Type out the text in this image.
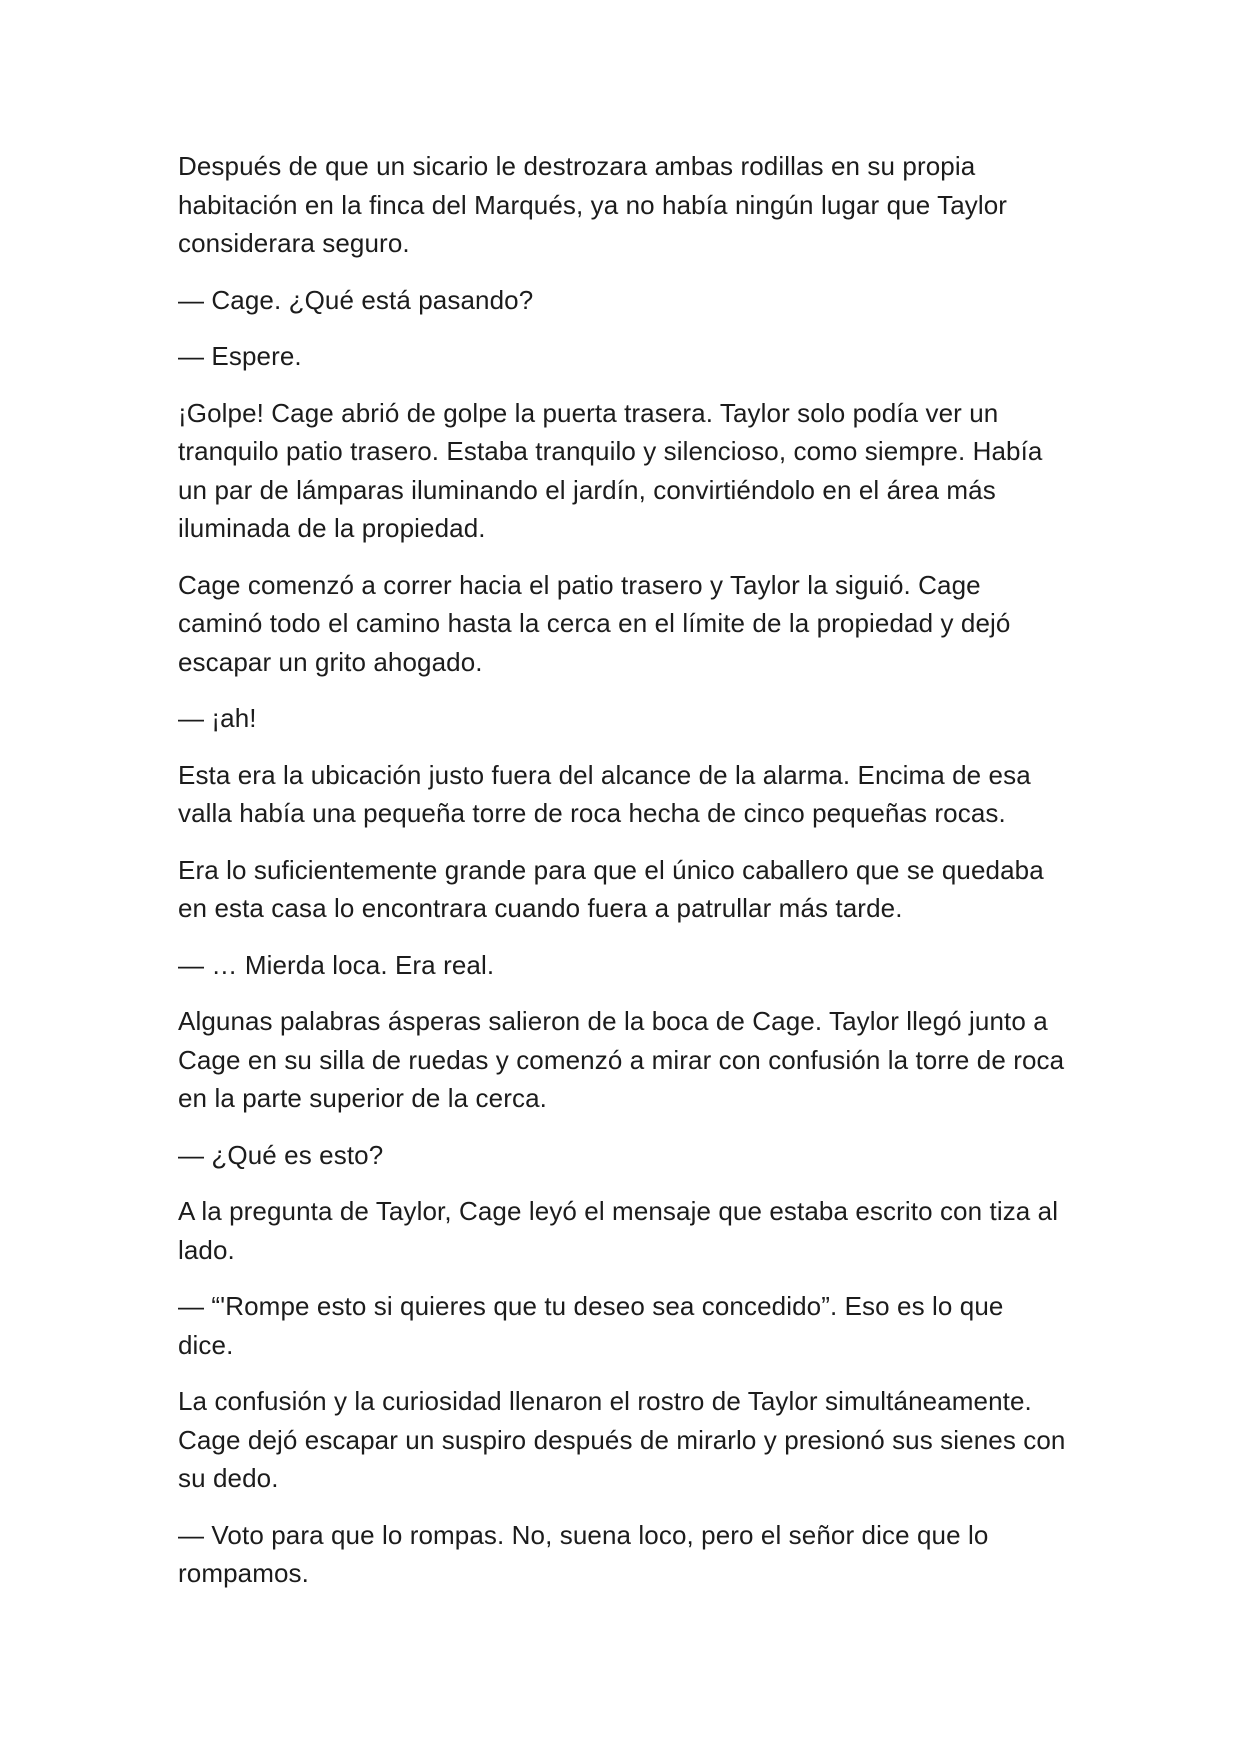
Después de que un sicario le destrozara ambas rodillas en su propia
habitación en la finca del Marqués, ya no había ningún lugar que Taylor
considerara seguro.

— Cage. ¿Qué está pasando?

— Espere.

¡Golpe! Cage abrió de golpe la puerta trasera. Taylor solo podía ver un
tranquilo patio trasero. Estaba tranquilo y silencioso, como siempre. Había
un par de lámparas iluminando el jardín, convirtiéndolo en el área más
iluminada de la propiedad.

Cage comenzó a correr hacia el patio trasero y Taylor la siguió. Cage
caminó todo el camino hasta la cerca en el límite de la propiedad y dejó
escapar un grito ahogado.

— ¡ah!

Esta era la ubicación justo fuera del alcance de la alarma. Encima de esa
valla había una pequeña torre de roca hecha de cinco pequeñas rocas.

Era lo suficientemente grande para que el único caballero que se quedaba
en esta casa lo encontrara cuando fuera a patrullar más tarde.

— … Mierda loca. Era real.

Algunas palabras ásperas salieron de la boca de Cage. Taylor llegó junto a
Cage en su silla de ruedas y comenzó a mirar con confusión la torre de roca
en la parte superior de la cerca.

— ¿Qué es esto?

A la pregunta de Taylor, Cage leyó el mensaje que estaba escrito con tiza al
lado.

— “'Rompe esto si quieres que tu deseo sea concedido”. Eso es lo que
dice.

La confusión y la curiosidad llenaron el rostro de Taylor simultáneamente.
Cage dejó escapar un suspiro después de mirarlo y presionó sus sienes con
su dedo.

— Voto para que lo rompas. No, suena loco, pero el señor dice que lo
rompamos.
